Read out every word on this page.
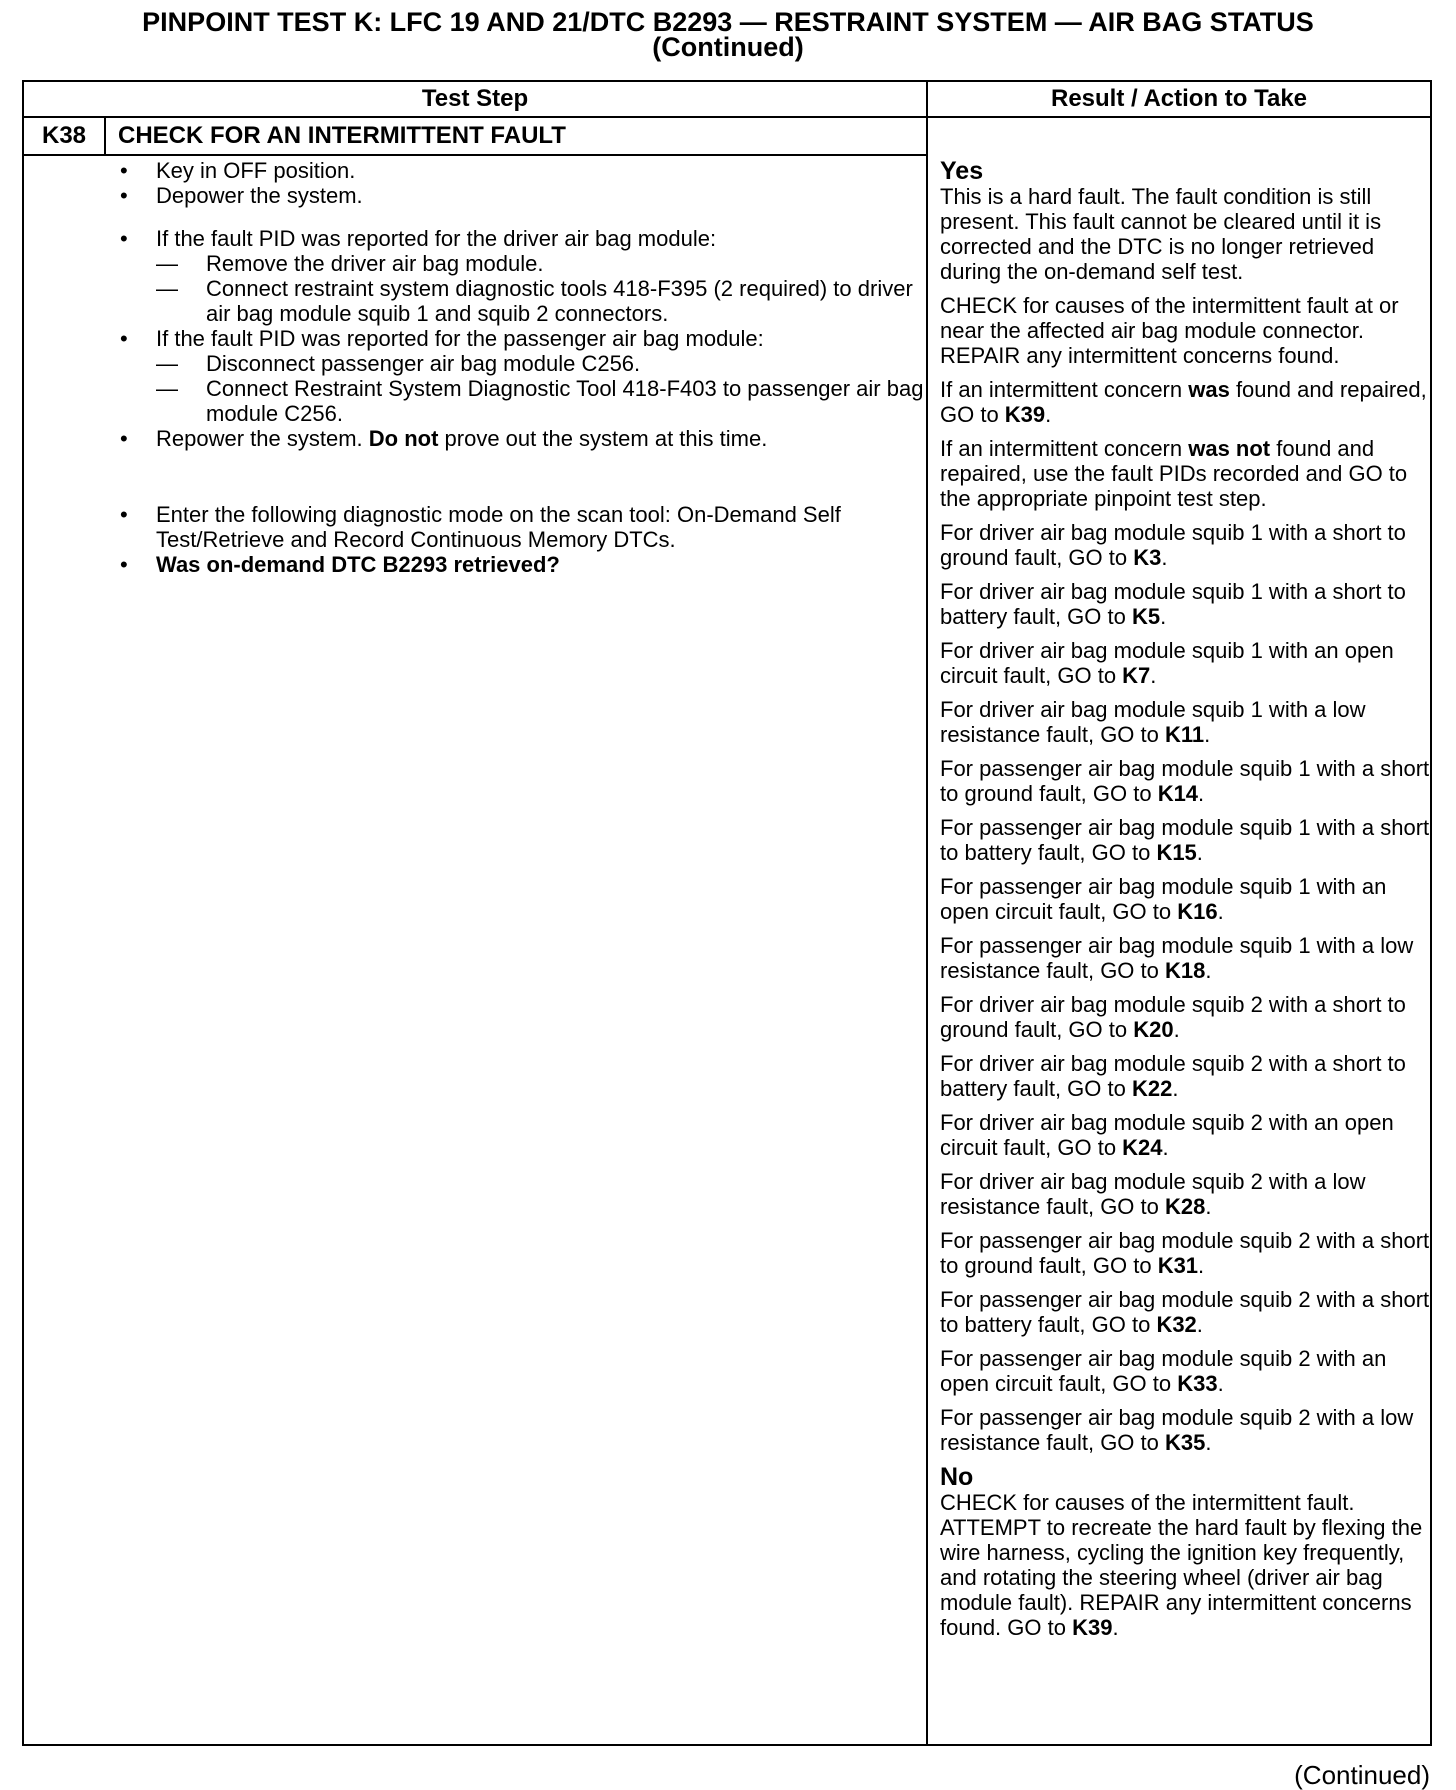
PINPOINT TEST K: LFC 19 AND 21/DTC B2293 — RESTRAINT SYSTEM — AIR BAG STATUS
(Continued)
Test Step	Result / Action to Take
K38	CHECK FOR AN INTERMITTENT FAULT
• Key in OFF position.
• Depower the system.
• If the fault PID was reported for the driver air bag module:
— Remove the driver air bag module.
— Connect restraint system diagnostic tools 418-F395 (2 required) to driver air bag module squib 1 and squib 2 connectors.
• If the fault PID was reported for the passenger air bag module:
— Disconnect passenger air bag module C256.
— Connect Restraint System Diagnostic Tool 418-F403 to passenger air bag module C256.
• Repower the system. Do not prove out the system at this time.
• Enter the following diagnostic mode on the scan tool: On-Demand Self Test/Retrieve and Record Continuous Memory DTCs.
• Was on-demand DTC B2293 retrieved?
Yes
This is a hard fault. The fault condition is still present. This fault cannot be cleared until it is corrected and the DTC is no longer retrieved during the on-demand self test.
CHECK for causes of the intermittent fault at or near the affected air bag module connector. REPAIR any intermittent concerns found.
If an intermittent concern was found and repaired, GO to K39.
If an intermittent concern was not found and repaired, use the fault PIDs recorded and GO to the appropriate pinpoint test step.
For driver air bag module squib 1 with a short to ground fault, GO to K3.
For driver air bag module squib 1 with a short to battery fault, GO to K5.
For driver air bag module squib 1 with an open circuit fault, GO to K7.
For driver air bag module squib 1 with a low resistance fault, GO to K11.
For passenger air bag module squib 1 with a short to ground fault, GO to K14.
For passenger air bag module squib 1 with a short to battery fault, GO to K15.
For passenger air bag module squib 1 with an open circuit fault, GO to K16.
For passenger air bag module squib 1 with a low resistance fault, GO to K18.
For driver air bag module squib 2 with a short to ground fault, GO to K20.
For driver air bag module squib 2 with a short to battery fault, GO to K22.
For driver air bag module squib 2 with an open circuit fault, GO to K24.
For driver air bag module squib 2 with a low resistance fault, GO to K28.
For passenger air bag module squib 2 with a short to ground fault, GO to K31.
For passenger air bag module squib 2 with a short to battery fault, GO to K32.
For passenger air bag module squib 2 with an open circuit fault, GO to K33.
For passenger air bag module squib 2 with a low resistance fault, GO to K35.
No
CHECK for causes of the intermittent fault. ATTEMPT to recreate the hard fault by flexing the wire harness, cycling the ignition key frequently, and rotating the steering wheel (driver air bag module fault). REPAIR any intermittent concerns found. GO to K39.
(Continued)
